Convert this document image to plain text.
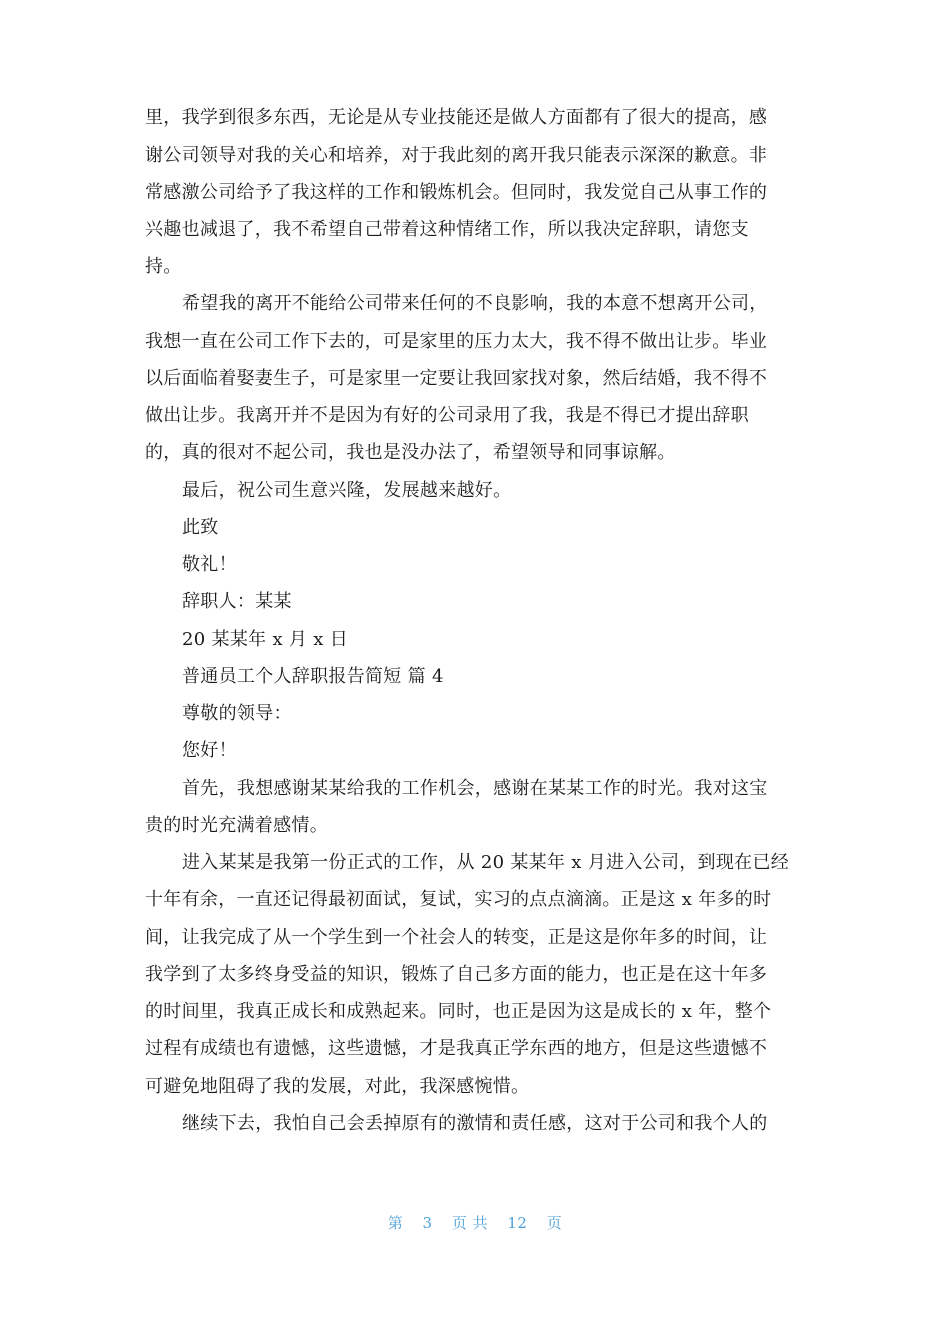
里，我学到很多东西，无论是从专业技能还是做人方面都有了很大的提高，感
谢公司领导对我的关心和培养，对于我此刻的离开我只能表示深深的歉意。非
常感激公司给予了我这样的工作和锻炼机会。但同时，我发觉自己从事工作的
兴趣也减退了，我不希望自己带着这种情绪工作，所以我决定辞职，请您支
持。
希望我的离开不能给公司带来任何的不良影响，我的本意不想离开公司，
我想一直在公司工作下去的，可是家里的压力太大，我不得不做出让步。毕业
以后面临着娶妻生子，可是家里一定要让我回家找对象，然后结婚，我不得不
做出让步。我离开并不是因为有好的公司录用了我，我是不得已才提出辞职
的，真的很对不起公司，我也是没办法了，希望领导和同事谅解。
最后，祝公司生意兴隆，发展越来越好。
此致
敬礼！
辞职人：某某
20 某某年 x 月 x 日
普通员工个人辞职报告简短 篇 4
尊敬的领导：
您好！
首先，我想感谢某某给我的工作机会，感谢在某某工作的时光。我对这宝
贵的时光充满着感情。
进入某某是我第一份正式的工作，从 20 某某年 x 月进入公司，到现在已经
十年有余，一直还记得最初面试，复试，实习的点点滴滴。正是这 x 年多的时
间，让我完成了从一个学生到一个社会人的转变，正是这是你年多的时间，让
我学到了太多终身受益的知识，锻炼了自己多方面的能力，也正是在这十年多
的时间里，我真正成长和成熟起来。同时，也正是因为这是成长的 x 年，整个
过程有成绩也有遗憾，这些遗憾，才是我真正学东西的地方，但是这些遗憾不
可避免地阻碍了我的发展，对此，我深感惋惜。
继续下去，我怕自己会丢掉原有的激情和责任感，这对于公司和我个人的
第 3 页 共 12 页
